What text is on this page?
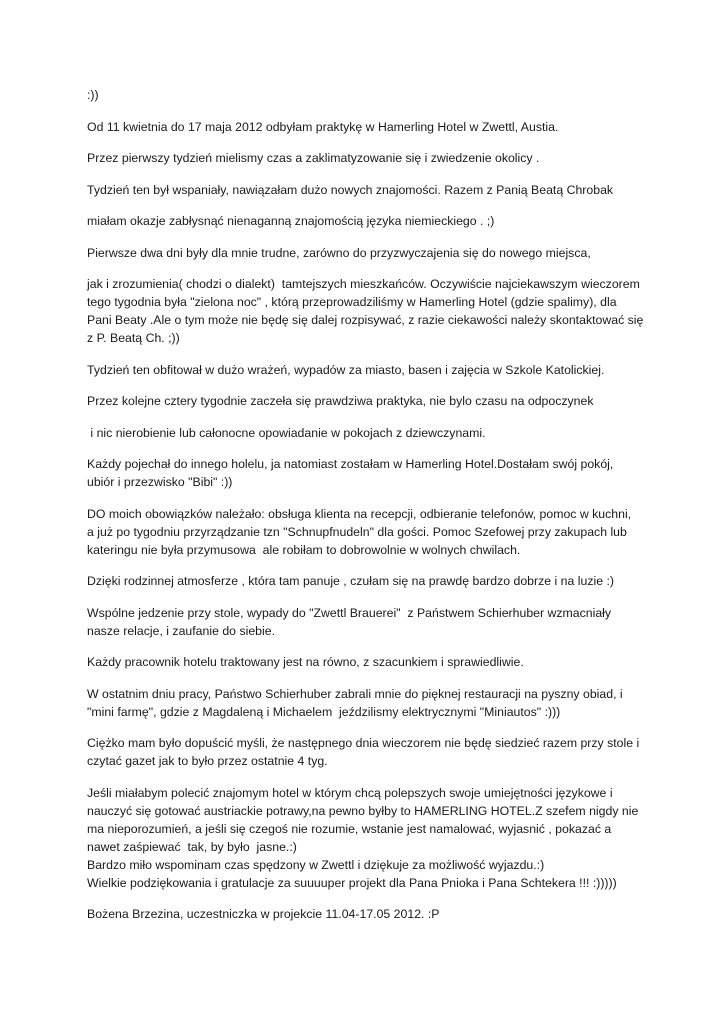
:))

Od 11 kwietnia do 17 maja 2012 odbyłam praktykę w Hamerling Hotel w Zwettl, Austia.

Przez pierwszy tydzień mielismy czas a zaklimatyzowanie się i zwiedzenie okolicy .

Tydzień ten był wspaniały, nawiązałam dużo nowych znajomości. Razem z Panią Beatą Chrobak

miałam okazje zabłysnąć nienaganną znajomością języka niemieckiego . ;)

Pierwsze dwa dni były dla mnie trudne, zarówno do przyzwyczajenia się do nowego miejsca,

jak i zrozumienia( chodzi o dialekt)  tamtejszych mieszkańców. Oczywiście najciekawszym wieczorem
tego tygodnia była "zielona noc" , którą przeprowadziliśmy w Hamerling Hotel (gdzie spalimy), dla
Pani Beaty .Ale o tym może nie będę się dalej rozpisywać, z razie ciekawości należy skontaktować się
z P. Beatą Ch. ;))

Tydzień ten obfitował w dużo wrażeń, wypadów za miasto, basen i zajęcia w Szkole Katolickiej.

Przez kolejne cztery tygodnie zaczeła się prawdziwa praktyka, nie bylo czasu na odpoczynek

i nic nierobienie lub całonocne opowiadanie w pokojach z dziewczynami.

Każdy pojechał do innego holelu, ja natomiast zostałam w Hamerling Hotel.Dostałam swój pokój,
ubiór i przezwisko "Bibi" :))

DO moich obowiązków należało: obsługa klienta na recepcji, odbieranie telefonów, pomoc w kuchni,
a już po tygodniu przyrządzanie tzn "Schnupfnudeln" dla gości. Pomoc Szefowej przy zakupach lub
kateringu nie była przymusowa  ale robiłam to dobrowolnie w wolnych chwilach.

Dzięki rodzinnej atmosferze , która tam panuje , czułam się na prawdę bardzo dobrze i na luzie :)

Wspólne jedzenie przy stole, wypady do "Zwettl Brauerei"  z Państwem Schierhuber wzmacniały
nasze relacje, i zaufanie do siebie.

Każdy pracownik hotelu traktowany jest na równo, z szacunkiem i sprawiedliwie.

W ostatnim dniu pracy, Państwo Schierhuber zabrali mnie do pięknej restauracji na pyszny obiad, i
"mini farmę", gdzie z Magdaleną i Michaelem  jeździlismy elektrycznymi "Miniautos" :)))

Ciężko mam było dopuścić myśli, że następnego dnia wieczorem nie będę siedzieć razem przy stole i
czytać gazet jak to było przez ostatnie 4 tyg.

Jeśli miałabym polecić znajomym hotel w którym chcą polepszych swoje umiejętności językowe i
nauczyć się gotować austriackie potrawy,na pewno byłby to HAMERLING HOTEL.Z szefem nigdy nie
ma nieporozumień, a jeśli się czegoś nie rozumie, wstanie jest namalować, wyjasnić , pokazać a
nawet zaśpiewać  tak, by było  jasne.:)
Bardzo miło wspominam czas spędzony w Zwettl i dziękuje za możliwość wyjazdu.:)
Wielkie podziękowania i gratulacje za suuuuper projekt dla Pana Pnioka i Pana Schtekera !!! :)))))

Bożena Brzezina, uczestniczka w projekcie 11.04-17.05 2012. :P
